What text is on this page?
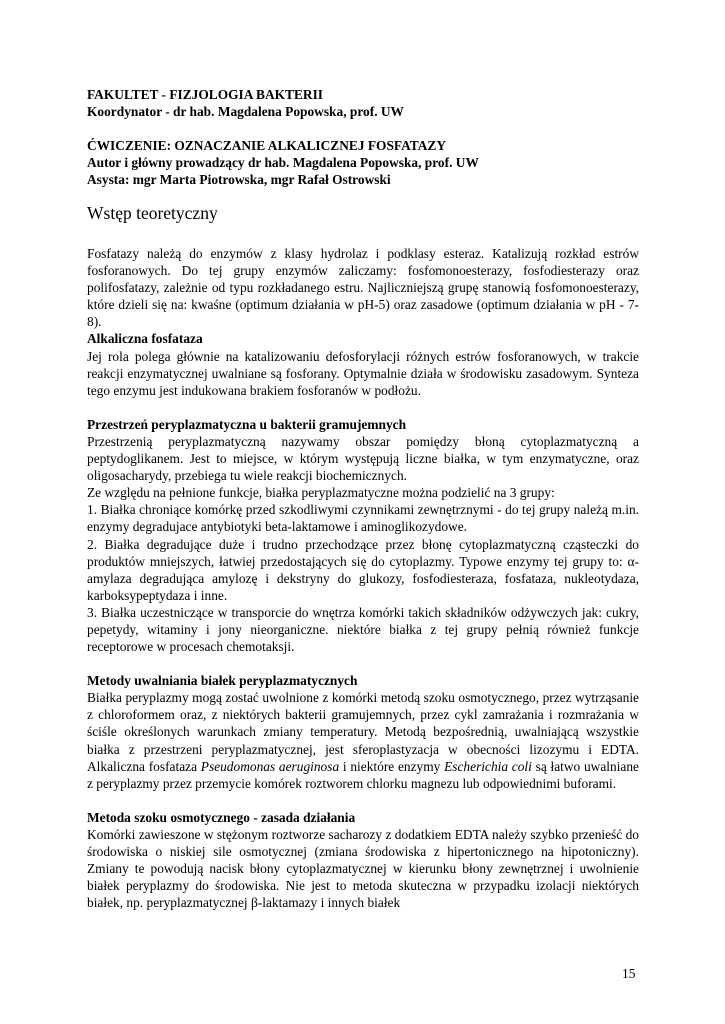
FAKULTET - FIZJOLOGIA BAKTERII
Koordynator - dr hab. Magdalena Popowska, prof. UW
ĆWICZENIE: OZNACZANIE ALKALICZNEJ FOSFATAZY
Autor i główny prowadzący dr hab. Magdalena Popowska, prof. UW
Asysta: mgr Marta Piotrowska, mgr Rafał Ostrowski
Wstęp teoretyczny

Fosfatazy należą do enzymów z klasy hydrolaz i podklasy esteraz. Katalizują rozkład estrów fosforanowych. Do tej grupy enzymów zaliczamy: fosfomonoesterazy, fosfodiesterazy oraz polifosfatazy, zależnie od typu rozkładanego estru. Najliczniejszą grupę stanowią fosfomonoesterazy, które dzieli się na: kwaśne (optimum działania w pH-5) oraz zasadowe (optimum działania w pH - 7-8).

Alkaliczna fosfataza

Jej rola polega głównie na katalizowaniu defosforylacji różnych estrów fosforanowych, w trakcie reakcji enzymatycznej uwalniane są fosforany. Optymalnie działa w środowisku zasadowym. Synteza tego enzymu jest indukowana brakiem fosforanów w podłożu.

Przestrzeń peryplazmatyczna u bakterii gramujemnych

Przestrzenią peryplazmatyczną nazywamy obszar pomiędzy błoną cytoplazmatyczną a peptydoglikanem. Jest to miejsce, w którym występują liczne białka, w tym enzymatyczne, oraz oligosacharydy, przebiega tu wiele reakcji biochemicznych.

Ze względu na pełnione funkcje, białka peryplazmatyczne można podzielić na 3 grupy:

1. Białka chroniące komórkę przed szkodliwymi czynnikami zewnętrznymi - do tej grupy należą m.in. enzymy degradujace antybiotyki beta-laktamowe i aminoglikozydowe.

2. Białka degradujące duże i trudno przechodzące przez błonę cytoplazmatyczną cząsteczki do produktów mniejszych, łatwiej przedostających się do cytoplazmy. Typowe enzymy tej grupy to: α-amylaza degradująca amylozę i dekstryny do glukozy, fosfodiesteraza, fosfataza, nukleotydaza, karboksypeptydaza i inne.

3. Białka uczestniczące w transporcie do wnętrza komórki takich składników odżywczych jak: cukry, pepetydy, witaminy i jony nieorganiczne. niektóre białka z tej grupy pełnią również funkcje receptorowe w procesach chemotaksji.

Metody uwalniania białek peryplazmatycznych

Białka peryplazmy mogą zostać uwolnione z komórki metodą szoku osmotycznego, przez wytrząsanie z chloroformem oraz, z niektórych bakterii gramujemnych, przez cykl zamrażania i rozmrażania w ściśle określonych warunkach zmiany temperatury. Metodą bezpośrednią, uwalniającą wszystkie białka z przestrzeni peryplazmatycznej, jest sferoplastyzacja w obecności lizozymu i EDTA. Alkaliczna fosfataza Pseudomonas aeruginosa i niektóre enzymy Escherichia coli są łatwo uwalniane z peryplazmy przez przemycie komórek roztworem chlorku magnezu lub odpowiednimi buforami.

Metoda szoku osmotycznego - zasada działania

Komórki zawieszone w stężonym roztworze sacharozy z dodatkiem EDTA należy szybko przenieść do środowiska o niskiej sile osmotycznej (zmiana środowiska z hipertonicznego na hipotoniczny). Zmiany te powodują nacisk błony cytoplazmatycznej w kierunku błony zewnętrznej i uwolnienie białek peryplazmy do środowiska. Nie jest to metoda skuteczna w przypadku izolacji niektórych białek, np. peryplazmatycznej β-laktamazy i innych białek

15
